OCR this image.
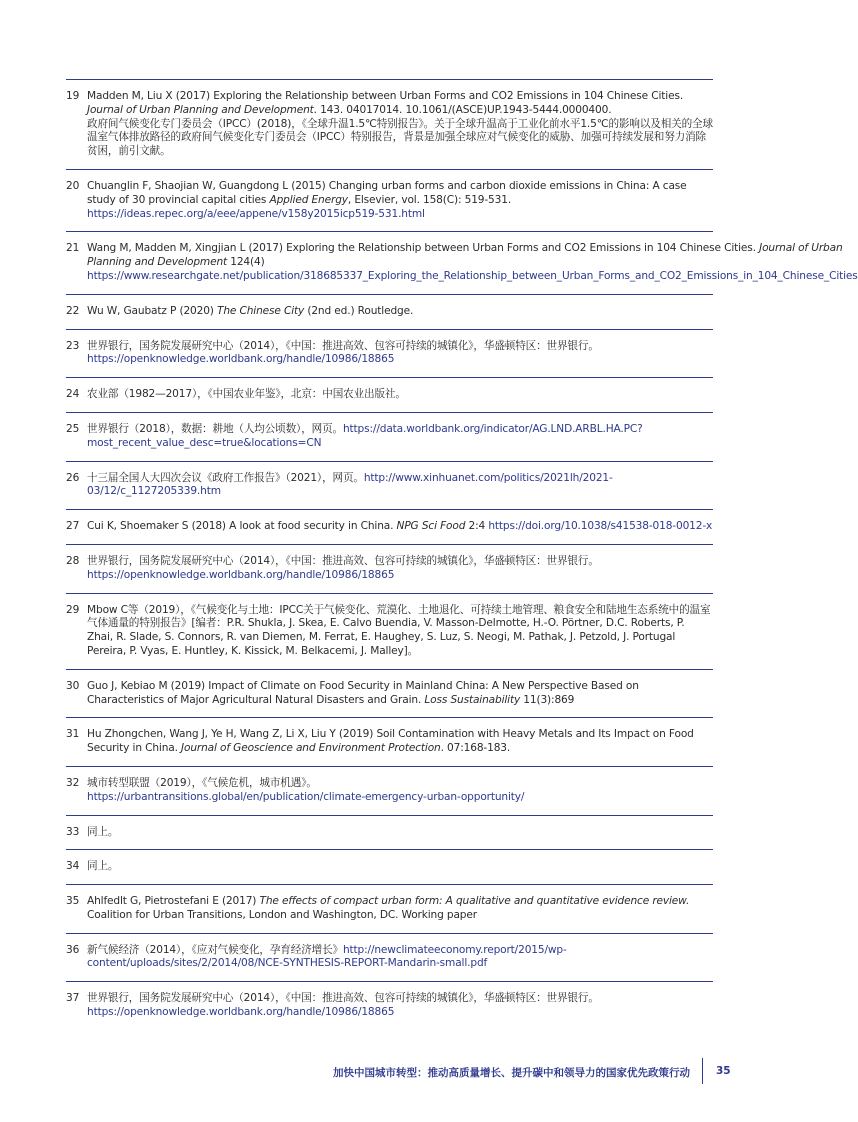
19 Madden M, Liu X (2017) Exploring the Relationship between Urban Forms and CO2 Emissions in 104 Chinese Cities. Journal of Urban Planning and Development. 143. 04017014. 10.1061/(ASCE)UP.1943-5444.0000400.
政府间气候变化专门委员会（IPCC）(2018)，《全球升温1.5℃特别报告》。关于全球升温高于工业化前水平1.5℃的影响以及相关的全球温室气体排放路径的政府间气候变化专门委员会（IPCC）特别报告，背景是加强全球应对气候变化的威胁、加强可持续发展和努力消除贫困，前引文献。
20 Chuanglin F, Shaojian W, Guangdong L (2015) Changing urban forms and carbon dioxide emissions in China: A case study of 30 provincial capital cities Applied Energy, Elsevier, vol. 158(C): 519-531. https://ideas.repec.org/a/eee/appene/v158y2015icp519-531.html
21 Wang M, Madden M, Xingjian L (2017) Exploring the Relationship between Urban Forms and CO2 Emissions in 104 Chinese Cities. Journal of Urban Planning and Development 124(4) https://www.researchgate.net/publication/318685337_Exploring_the_Relationship_between_Urban_Forms_and_CO2_Emissions_in_104_Chinese_Cities
22 Wu W, Gaubatz P (2020) The Chinese City (2nd ed.) Routledge.
23 世界银行，国务院发展研究中心（2014），《中国：推进高效、包容可持续的城镇化》，华盛顿特区：世界银行。https://openknowledge.worldbank.org/handle/10986/18865
24 农业部（1982—2017），《中国农业年鉴》，北京：中国农业出版社。
25 世界银行（2018），数据：耕地（人均公顷数），网页。https://data.worldbank.org/indicator/AG.LND.ARBL.HA.PC?most_recent_value_desc=true&locations=CN
26 十三届全国人大四次会议《政府工作报告》（2021），网页。http://www.xinhuanet.com/politics/2021lh/2021-03/12/c_1127205339.htm
27 Cui K, Shoemaker S (2018) A look at food security in China. NPG Sci Food 2:4 https://doi.org/10.1038/s41538-018-0012-x
28 世界银行，国务院发展研究中心（2014），《中国：推进高效、包容可持续的城镇化》，华盛顿特区：世界银行。https://openknowledge.worldbank.org/handle/10986/18865
29 Mbow C等（2019），《气候变化与土地：IPCC关于气候变化、荒漠化、土地退化、可持续土地管理、粮食安全和陆地生态系统中的温室气体通量的特别报告》[编者：P.R. Shukla, J. Skea, E. Calvo Buendia, V. Masson-Delmotte, H.-O. Pörtner, D.C. Roberts, P. Zhai, R. Slade, S. Connors, R. van Diemen, M. Ferrat, E. Haughey, S. Luz, S. Neogi, M. Pathak, J. Petzold, J. Portugal Pereira, P. Vyas, E. Huntley, K. Kissick, M. Belkacemi, J. Malley]。
30 Guo J, Kebiao M (2019) Impact of Climate on Food Security in Mainland China: A New Perspective Based on Characteristics of Major Agricultural Natural Disasters and Grain. Loss Sustainability 11(3):869
31 Hu Zhongchen, Wang J, Ye H, Wang Z, Li X, Liu Y (2019) Soil Contamination with Heavy Metals and Its Impact on Food Security in China. Journal of Geoscience and Environment Protection. 07:168-183.
32 城市转型联盟（2019），《气候危机，城市机遇》。
https://urbantransitions.global/en/publication/climate-emergency-urban-opportunity/
33 同上。
34 同上。
35 Ahlfedlt G, Pietrostefani E (2017) The effects of compact urban form: A qualitative and quantitative evidence review. Coalition for Urban Transitions, London and Washington, DC. Working paper
36 新气候经济（2014），《应对气候变化，孕育经济增长》http://newclimateeconomy.report/2015/wp-content/uploads/sites/2/2014/08/NCE-SYNTHESIS-REPORT-Mandarin-small.pdf
37 世界银行，国务院发展研究中心（2014），《中国：推进高效、包容可持续的城镇化》，华盛顿特区：世界银行。https://openknowledge.worldbank.org/handle/10986/18865
加快中国城市转型：推动高质量增长、提升碳中和领导力的国家优先政策行动 35
